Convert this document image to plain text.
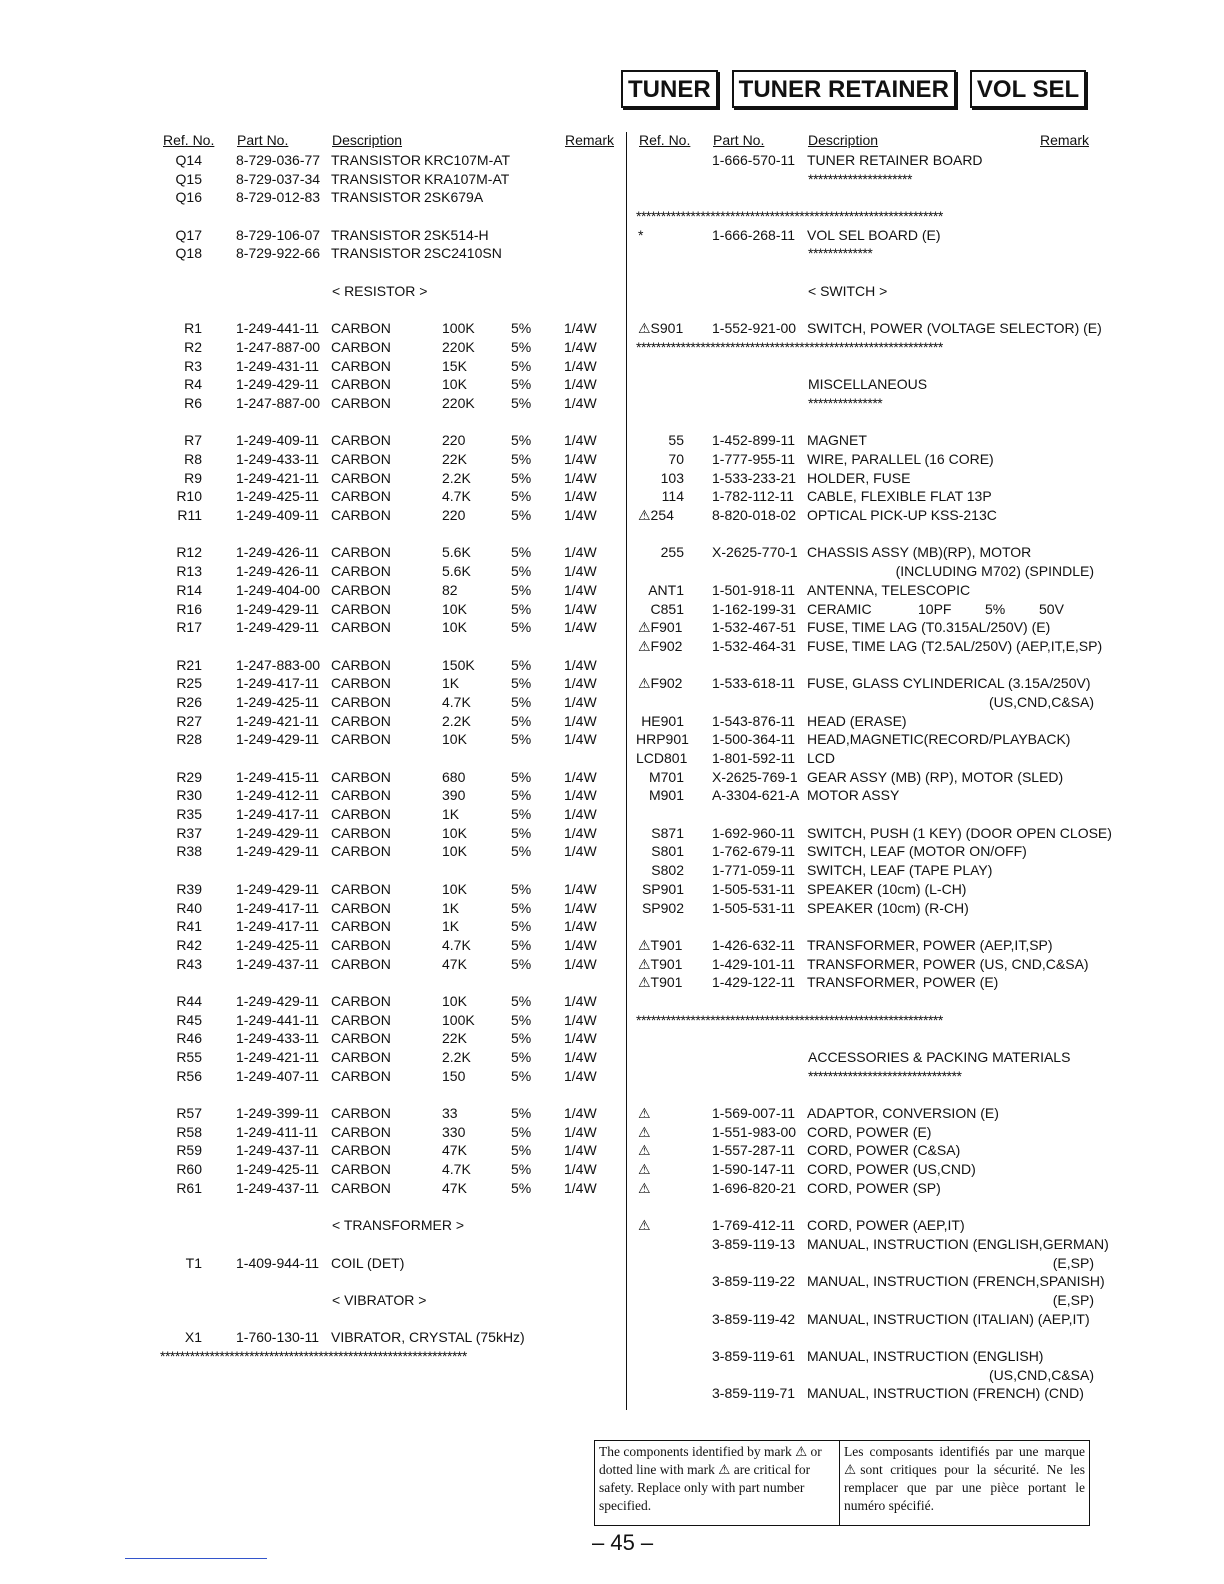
TUNER TUNER RETAINER VOL SEL
Ref. No. Part No.	Description	Remark
Q14 8-729-036-77 TRANSISTOR KRC107M-AT
Q15 8-729-037-34 TRANSISTOR KRA107M-AT
Q16 8-729-012-83 TRANSISTOR 2SK679A
Q17 8-729-106-07 TRANSISTOR 2SK514-H
Q18 8-729-922-66 TRANSISTOR 2SC2410SN
< RESISTOR >
R1 1-249-441-11 CARBON	100K	5% 1/4W
R2 1-247-887-00 CARBON	220K	5% 1/4W
R3 1-249-431-11 CARBON	15K	5% 1/4W
R4 1-249-429-11 CARBON	10K	5% 1/4W
R6 1-247-887-00 CARBON	220K	5% 1/4W
R7 1-249-409-11 CARBON	220	5% 1/4W
R8 1-249-433-11 CARBON	22K	5% 1/4W
R9 1-249-421-11 CARBON	2.2K	5% 1/4W
R10 1-249-425-11 CARBON	4.7K	5% 1/4W
R11 1-249-409-11 CARBON	220	5% 1/4W
R12 1-249-426-11 CARBON	5.6K	5% 1/4W
R13 1-249-426-11 CARBON	5.6K	5% 1/4W
R14 1-249-404-00 CARBON	82	5% 1/4W
R16 1-249-429-11 CARBON	10K	5% 1/4W
R17 1-249-429-11 CARBON	10K	5% 1/4W
R21 1-247-883-00 CARBON	150K	5% 1/4W
R25 1-249-417-11 CARBON	1K	5% 1/4W
R26 1-249-425-11 CARBON	4.7K	5% 1/4W
R27 1-249-421-11 CARBON	2.2K	5% 1/4W
R28 1-249-429-11 CARBON	10K	5% 1/4W
R29 1-249-415-11 CARBON	680	5% 1/4W
R30 1-249-412-11 CARBON	390	5% 1/4W
R35 1-249-417-11 CARBON	1K	5% 1/4W
R37 1-249-429-11 CARBON	10K	5% 1/4W
R38 1-249-429-11 CARBON	10K	5% 1/4W
R39 1-249-429-11 CARBON	10K	5% 1/4W
R40 1-249-417-11 CARBON	1K	5% 1/4W
R41 1-249-417-11 CARBON	1K	5% 1/4W
R42 1-249-425-11 CARBON	4.7K	5% 1/4W
R43 1-249-437-11 CARBON	47K	5% 1/4W
R44 1-249-429-11 CARBON	10K	5% 1/4W
R45 1-249-441-11 CARBON	100K	5% 1/4W
R46 1-249-433-11 CARBON	22K	5% 1/4W
R55 1-249-421-11 CARBON	2.2K	5% 1/4W
R56 1-249-407-11 CARBON	150	5% 1/4W
R57 1-249-399-11 CARBON	33	5% 1/4W
R58 1-249-411-11 CARBON	330	5% 1/4W
R59 1-249-437-11 CARBON	47K	5% 1/4W
R60 1-249-425-11 CARBON	4.7K	5% 1/4W
R61 1-249-437-11 CARBON	47K	5% 1/4W
< TRANSFORMER >
T1 1-409-944-11 COIL (DET)
< VIBRATOR >
X1 1-760-130-11 VIBRATOR, CRYSTAL (75kHz)
**************************************************************
Ref. No. Part No.	Description	Remark
1-666-570-11 TUNER RETAINER BOARD
*********************
**************************************************************
*	1-666-268-11 VOL SEL BOARD (E)
*************
< SWITCH >
⚠S901 1-552-921-00 SWITCH, POWER (VOLTAGE SELECTOR) (E)
**************************************************************
MISCELLANEOUS
***************
55 1-452-899-11 MAGNET
70 1-777-955-11 WIRE, PARALLEL (16 CORE)
103 1-533-233-21 HOLDER, FUSE
114 1-782-112-11 CABLE, FLEXIBLE FLAT 13P
⚠254	8-820-018-02 OPTICAL PICK-UP KSS-213C
255 X-2625-770-1 CHASSIS ASSY (MB)(RP), MOTOR
(INCLUDING M702) (SPINDLE)
ANT1 1-501-918-11 ANTENNA, TELESCOPIC
C851 1-162-199-31 CERAMIC	10PF 5% 50V
⚠F901 1-532-467-51 FUSE, TIME LAG (T0.315AL/250V) (E)
⚠F902 1-532-464-31 FUSE, TIME LAG (T2.5AL/250V) (AEP,IT,E,SP)
⚠F902 1-533-618-11 FUSE, GLASS CYLINDERICAL (3.15A/250V)
(US,CND,C&SA)
HE901 1-543-876-11 HEAD (ERASE)
HRP901 1-500-364-11 HEAD,MAGNETIC(RECORD/PLAYBACK)
LCD801 1-801-592-11 LCD
M701 X-2625-769-1 GEAR ASSY (MB) (RP), MOTOR (SLED)
M901 A-3304-621-A MOTOR ASSY
S871 1-692-960-11 SWITCH, PUSH (1 KEY) (DOOR OPEN CLOSE)
S801 1-762-679-11 SWITCH, LEAF (MOTOR ON/OFF)
S802 1-771-059-11 SWITCH, LEAF (TAPE PLAY)
SP901 1-505-531-11 SPEAKER (10cm) (L-CH)
SP902 1-505-531-11 SPEAKER (10cm) (R-CH)
⚠T901 1-426-632-11 TRANSFORMER, POWER (AEP,IT,SP)
⚠T901 1-429-101-11 TRANSFORMER, POWER (US, CND,C&SA)
⚠T901 1-429-122-11 TRANSFORMER, POWER (E)
**************************************************************
ACCESSORIES & PACKING MATERIALS
*******************************
⚠	1-569-007-11 ADAPTOR, CONVERSION (E)
⚠	1-551-983-00 CORD, POWER (E)
⚠	1-557-287-11 CORD, POWER (C&SA)
⚠	1-590-147-11 CORD, POWER (US,CND)
⚠	1-696-820-21 CORD, POWER (SP)
⚠	1-769-412-11 CORD, POWER (AEP,IT)
3-859-119-13 MANUAL, INSTRUCTION (ENGLISH,GERMAN)
(E,SP)
3-859-119-22 MANUAL, INSTRUCTION (FRENCH,SPANISH)
(E,SP)
3-859-119-42 MANUAL, INSTRUCTION (ITALIAN) (AEP,IT)
3-859-119-61 MANUAL, INSTRUCTION (ENGLISH)
(US,CND,C&SA)
3-859-119-71 MANUAL, INSTRUCTION (FRENCH) (CND)
The components identified by mark ⚠ or dotted line with mark ⚠ are critical for safety. Replace only with part number specified.
Les composants identifiés par une marque ⚠sont critiques pour la sécurité. Ne les remplacer que par une pièce portant le numéro spécifié.
– 45 –
